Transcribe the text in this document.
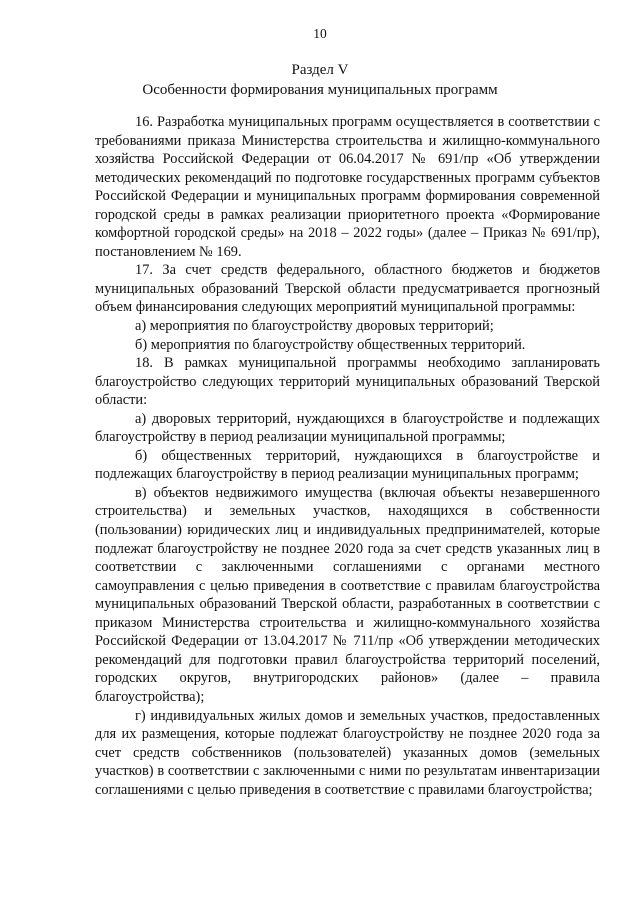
10
Раздел V
Особенности формирования муниципальных программ

16. Разработка муниципальных программ осуществляется в соответствии с требованиями приказа Министерства строительства и жилищно-коммунального хозяйства Российской Федерации от 06.04.2017 № 691/пр «Об утверждении методических рекомендаций по подготовке государственных программ субъектов Российской Федерации и муниципальных программ формирования современной городской среды в рамках реализации приоритетного проекта «Формирование комфортной городской среды» на 2018 – 2022 годы» (далее – Приказ № 691/пр), постановлением № 169.

17. За счет средств федерального, областного бюджетов и бюджетов муниципальных образований Тверской области предусматривается прогнозный объем финансирования следующих мероприятий муниципальной программы:

а) мероприятия по благоустройству дворовых территорий;

б) мероприятия по благоустройству общественных территорий.

18. В рамках муниципальной программы необходимо запланировать благоустройство следующих территорий муниципальных образований Тверской области:

а) дворовых территорий, нуждающихся в благоустройстве и подлежащих благоустройству в период реализации муниципальной программы;

б) общественных территорий, нуждающихся в благоустройстве и подлежащих благоустройству в период реализации муниципальных программ;

в) объектов недвижимого имущества (включая объекты незавершенного строительства) и земельных участков, находящихся в собственности (пользовании) юридических лиц и индивидуальных предпринимателей, которые подлежат благоустройству не позднее 2020 года за счет средств указанных лиц в соответствии с заключенными соглашениями с органами местного самоуправления с целью приведения в соответствие с правилам благоустройства муниципальных образований Тверской области, разработанных в соответствии с приказом Министерства строительства и жилищно-коммунального хозяйства Российской Федерации от 13.04.2017 № 711/пр «Об утверждении методических рекомендаций для подготовки правил благоустройства территорий поселений, городских округов, внутригородских районов» (далее – правила благоустройства);

г) индивидуальных жилых домов и земельных участков, предоставленных для их размещения, которые подлежат благоустройству не позднее 2020 года за счет средств собственников (пользователей) указанных домов (земельных участков) в соответствии с заключенными с ними по результатам инвентаризации соглашениями с целью приведения в соответствие с правилами благоустройства;
